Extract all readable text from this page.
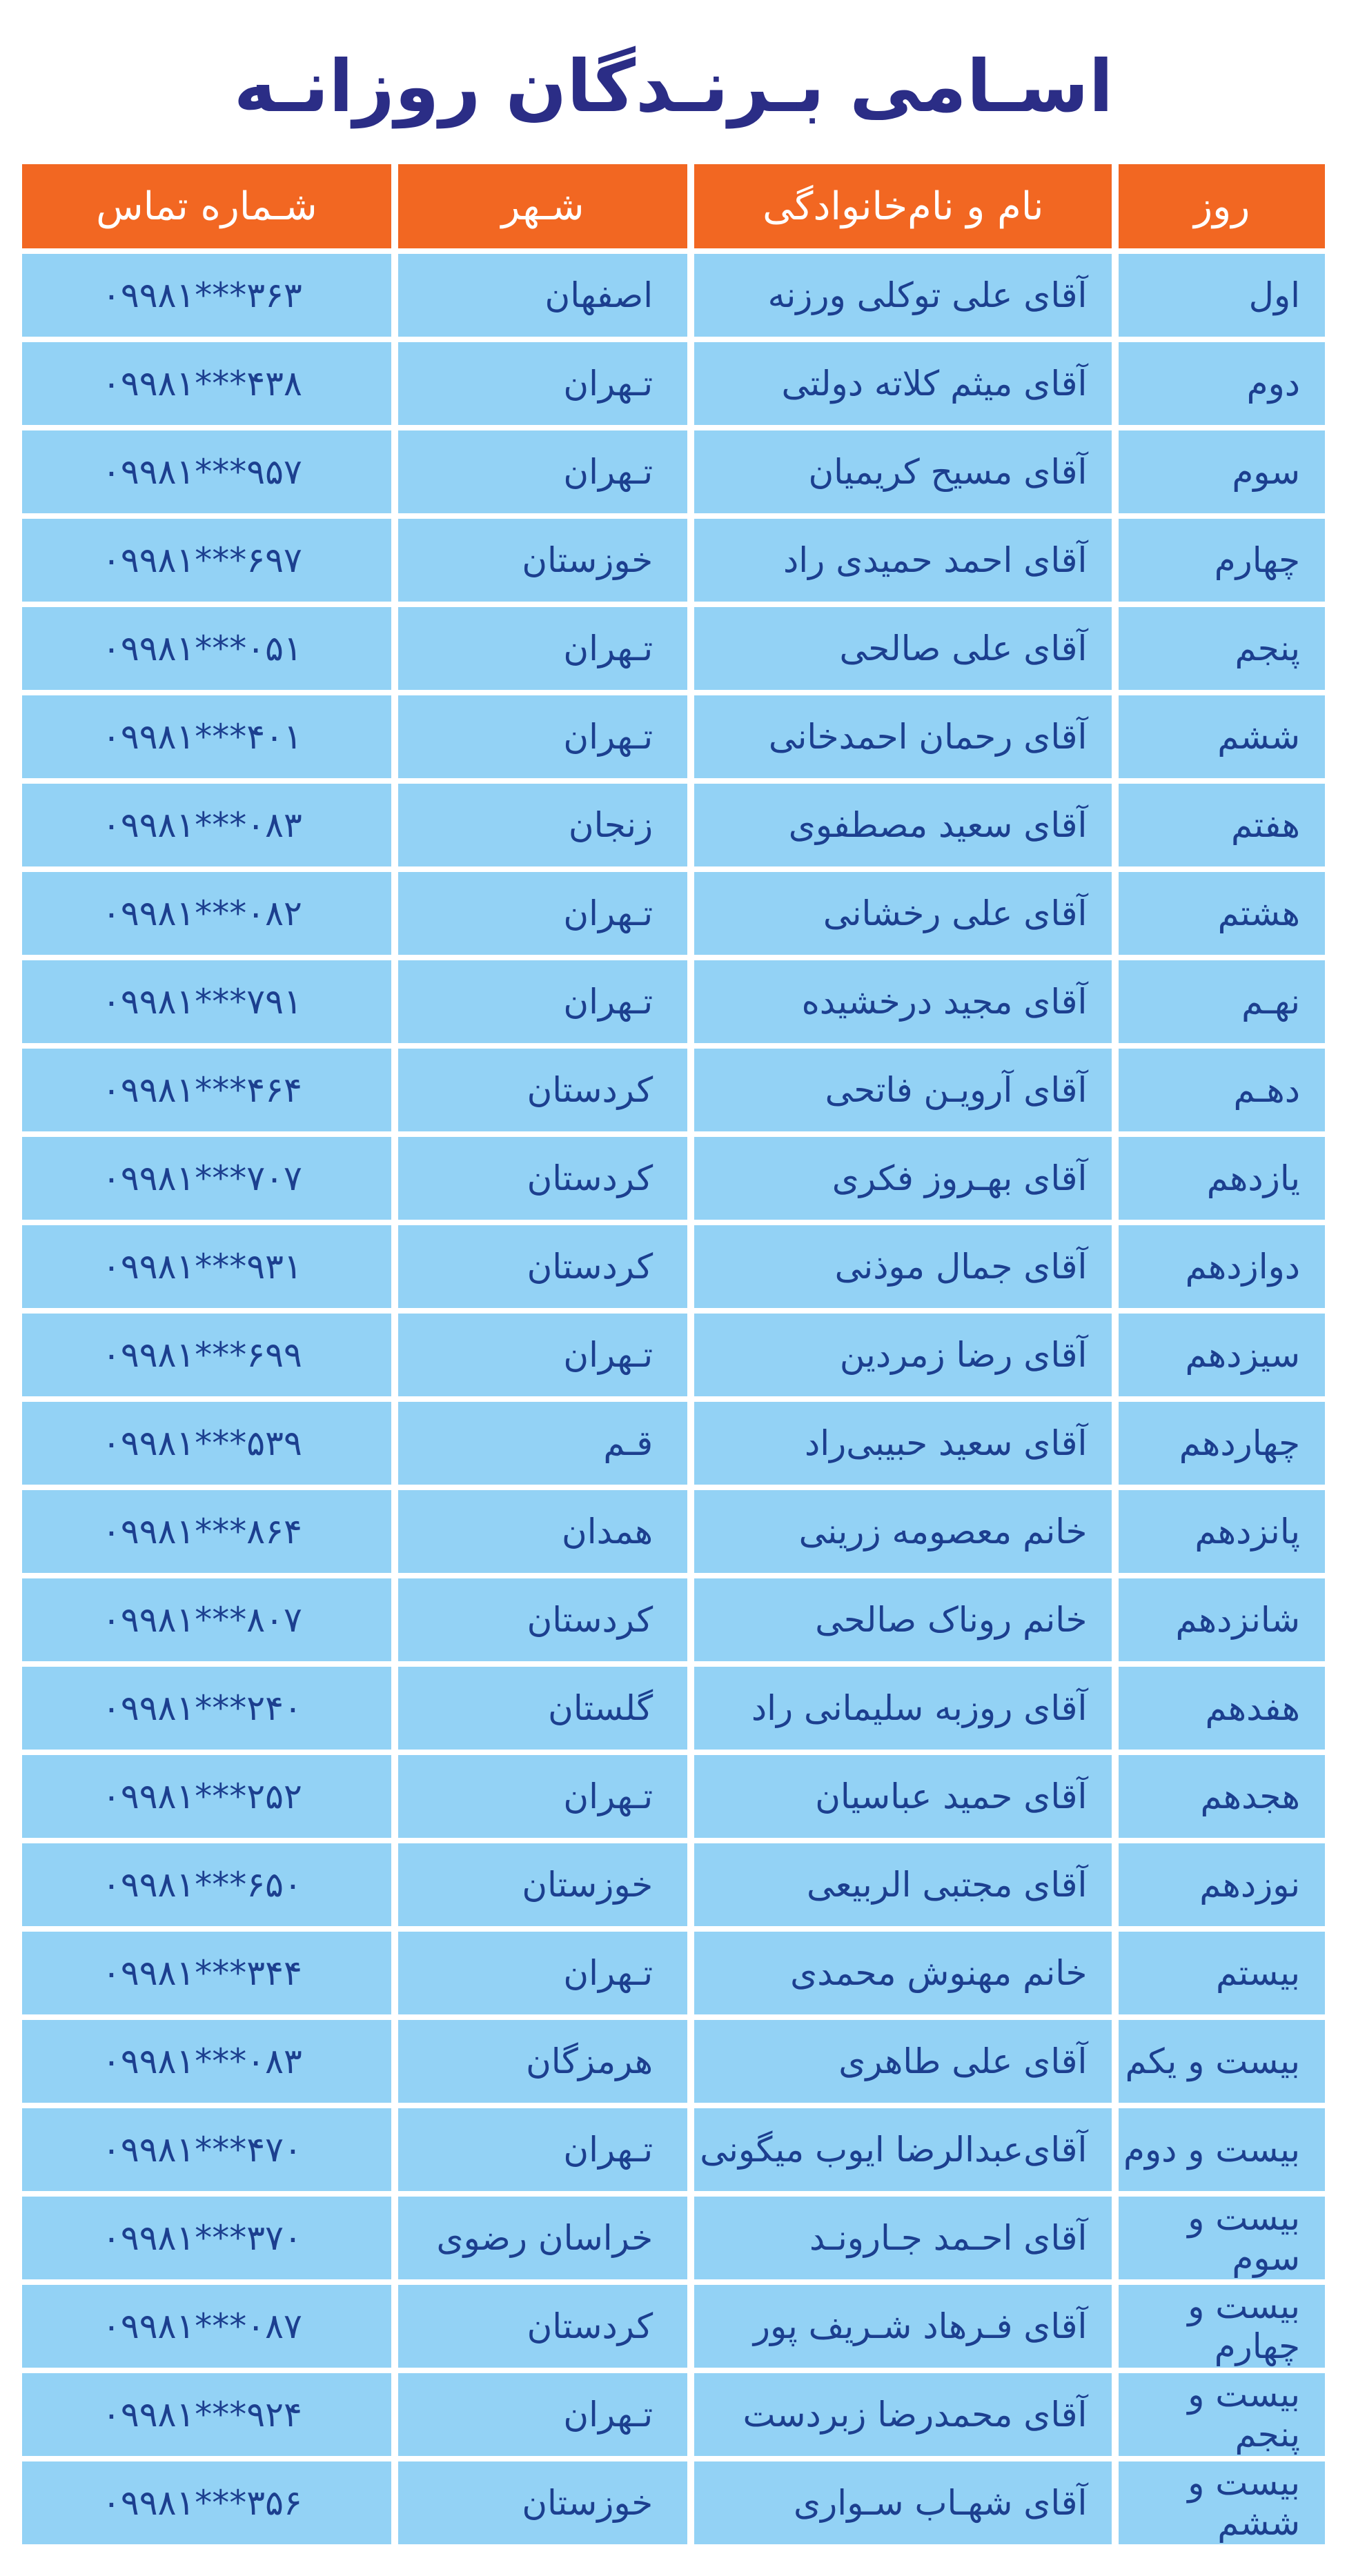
اسـامی بـرنـدگان روزانـه
روز	نام و نام‌خانوادگی	شـهر	شـماره تماس
اول	آقای علی توکلی ورزنه	اصفهان	۰۹۹۸۱***۳۶۳
دوم	آقای میثم کلاته دولتی	تـهران	۰۹۹۸۱***۴۳۸
سوم	آقای مسیح کریمیان	تـهران	۰۹۹۸۱***۹۵۷
چهارم	آقای احمد حمیدی راد	خوزستان	۰۹۹۸۱***۶۹۷
پنجم	آقای علی صالحی	تـهران	۰۹۹۸۱***۰۵۱
ششم	آقای رحمان احمدخانی	تـهران	۰۹۹۸۱***۴۰۱
هفتم	آقای سعید مصطفوی	زنجان	۰۹۹۸۱***۰۸۳
هشتم	آقای علی رخشانی	تـهران	۰۹۹۸۱***۰۸۲
نهـم	آقای مجید درخشیده	تـهران	۰۹۹۸۱***۷۹۱
دهـم	آقای آرویـن فاتحی	کردستان	۰۹۹۸۱***۴۶۴
یازدهم	آقای بهـروز فکری	کردستان	۰۹۹۸۱***۷۰۷
دوازدهم	آقای جمال موذنی	کردستان	۰۹۹۸۱***۹۳۱
سیزدهم	آقای رضا زمردین	تـهران	۰۹۹۸۱***۶۹۹
چهاردهم	آقای سعید حبیبی‌راد	قـم	۰۹۹۸۱***۵۳۹
پانزدهم	خانم معصومه زرینی	همدان	۰۹۹۸۱***۸۶۴
شانزدهم	خانم روناک صالحی	کردستان	۰۹۹۸۱***۸۰۷
هفدهم	آقای روزبه سلیمانی راد	گلستان	۰۹۹۸۱***۲۴۰
هجدهم	آقای حمید عباسیان	تـهران	۰۹۹۸۱***۲۵۲
نوزدهم	آقای مجتبی الربیعی	خوزستان	۰۹۹۸۱***۶۵۰
بیستم	خانم مهنوش محمدی	تـهران	۰۹۹۸۱***۳۴۴
بیست و یکم	آقای علی طاهری	هرمزگان	۰۹۹۸۱***۰۸۳
بیست و دوم	آقای‌عبدالرضا ایوب میگونی	تـهران	۰۹۹۸۱***۴۷۰
بیست و سوم	آقای احـمد جـارونـد	خراسان رضوی	۰۹۹۸۱***۳۷۰
بیست و چهارم	آقای فـرهاد شـریف پور	کردستان	۰۹۹۸۱***۰۸۷
بیست و پنجم	آقای محمدرضا زبردست	تـهران	۰۹۹۸۱***۹۲۴
بیست و ششم	آقای شهـاب سـواری	خوزستان	۰۹۹۸۱***۳۵۶
